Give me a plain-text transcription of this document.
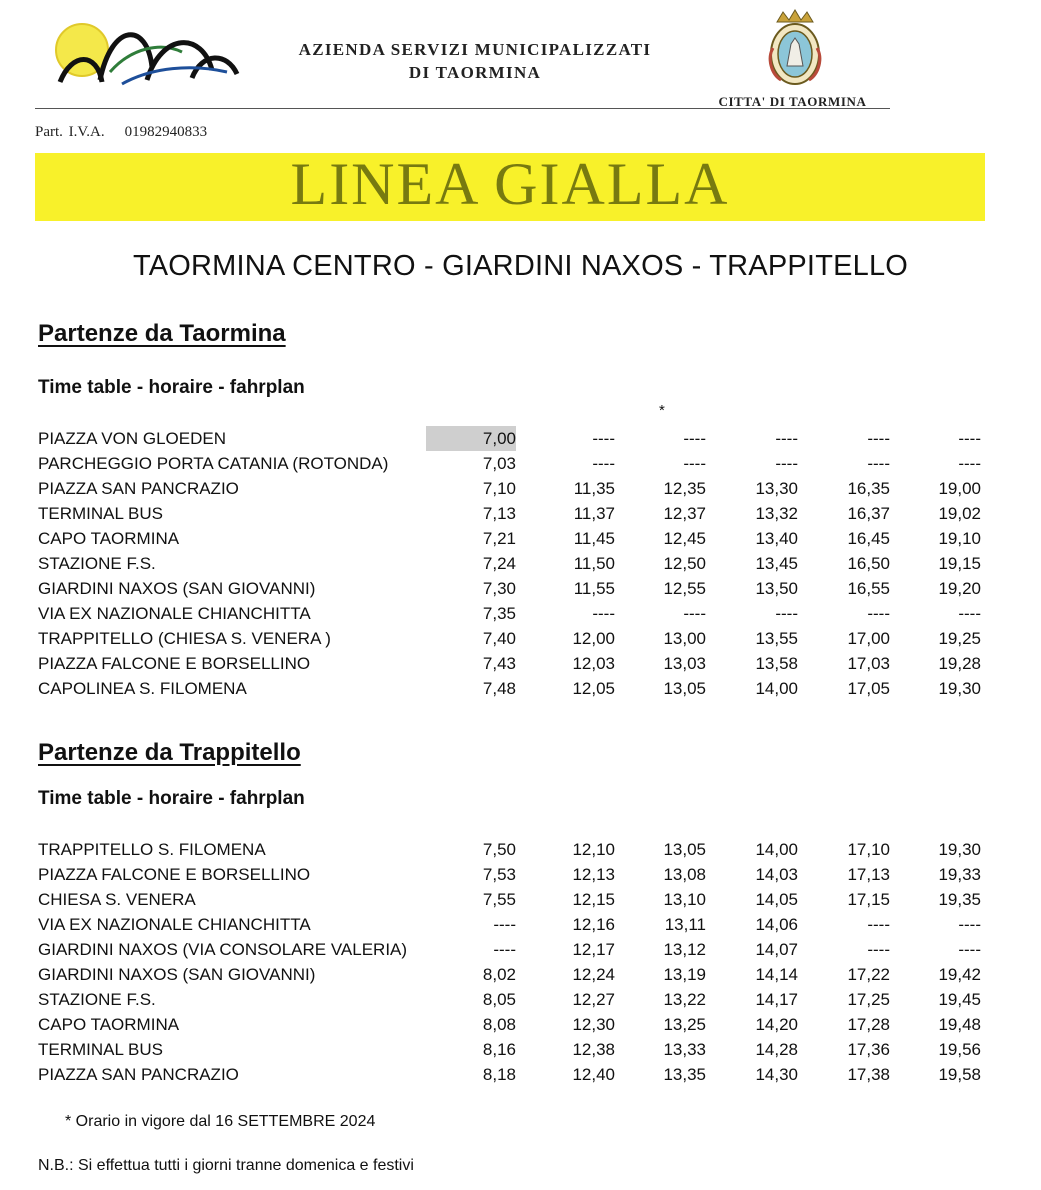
AZIENDA SERVIZI MUNICIPALIZZATI
DI TAORMINA
CITTA' DI TAORMINA
Part. I.V.A. 01982940833
LINEA GIALLA
TAORMINA CENTRO - GIARDINI NAXOS - TRAPPITELLO
Partenze da Taormina
Time table - horaire - fahrplan
*
PIAZZA VON GLOEDEN	7,00	----	----	----	----	----
PARCHEGGIO PORTA CATANIA (ROTONDA)	7,03	----	----	----	----	----
PIAZZA SAN PANCRAZIO	7,10	11,35	12,35	13,30	16,35	19,00
TERMINAL BUS	7,13	11,37	12,37	13,32	16,37	19,02
CAPO TAORMINA	7,21	11,45	12,45	13,40	16,45	19,10
STAZIONE F.S.	7,24	11,50	12,50	13,45	16,50	19,15
GIARDINI NAXOS (SAN GIOVANNI)	7,30	11,55	12,55	13,50	16,55	19,20
VIA EX NAZIONALE CHIANCHITTA	7,35	----	----	----	----	----
TRAPPITELLO (CHIESA S. VENERA )	7,40	12,00	13,00	13,55	17,00	19,25
PIAZZA FALCONE E BORSELLINO	7,43	12,03	13,03	13,58	17,03	19,28
CAPOLINEA S. FILOMENA	7,48	12,05	13,05	14,00	17,05	19,30
Partenze da Trappitello
Time table - horaire - fahrplan
TRAPPITELLO S. FILOMENA	7,50	12,10	13,05	14,00	17,10	19,30
PIAZZA FALCONE E BORSELLINO	7,53	12,13	13,08	14,03	17,13	19,33
CHIESA S. VENERA	7,55	12,15	13,10	14,05	17,15	19,35
VIA EX NAZIONALE CHIANCHITTA	----	12,16	13,11	14,06	----	----
GIARDINI NAXOS (VIA CONSOLARE VALERIA)	----	12,17	13,12	14,07	----	----
GIARDINI NAXOS (SAN GIOVANNI)	8,02	12,24	13,19	14,14	17,22	19,42
STAZIONE F.S.	8,05	12,27	13,22	14,17	17,25	19,45
CAPO TAORMINA	8,08	12,30	13,25	14,20	17,28	19,48
TERMINAL BUS	8,16	12,38	13,33	14,28	17,36	19,56
PIAZZA SAN PANCRAZIO	8,18	12,40	13,35	14,30	17,38	19,58
* Orario in vigore dal 16 SETTEMBRE 2024
N.B.: Si effettua tutti i giorni tranne domenica e festivi
